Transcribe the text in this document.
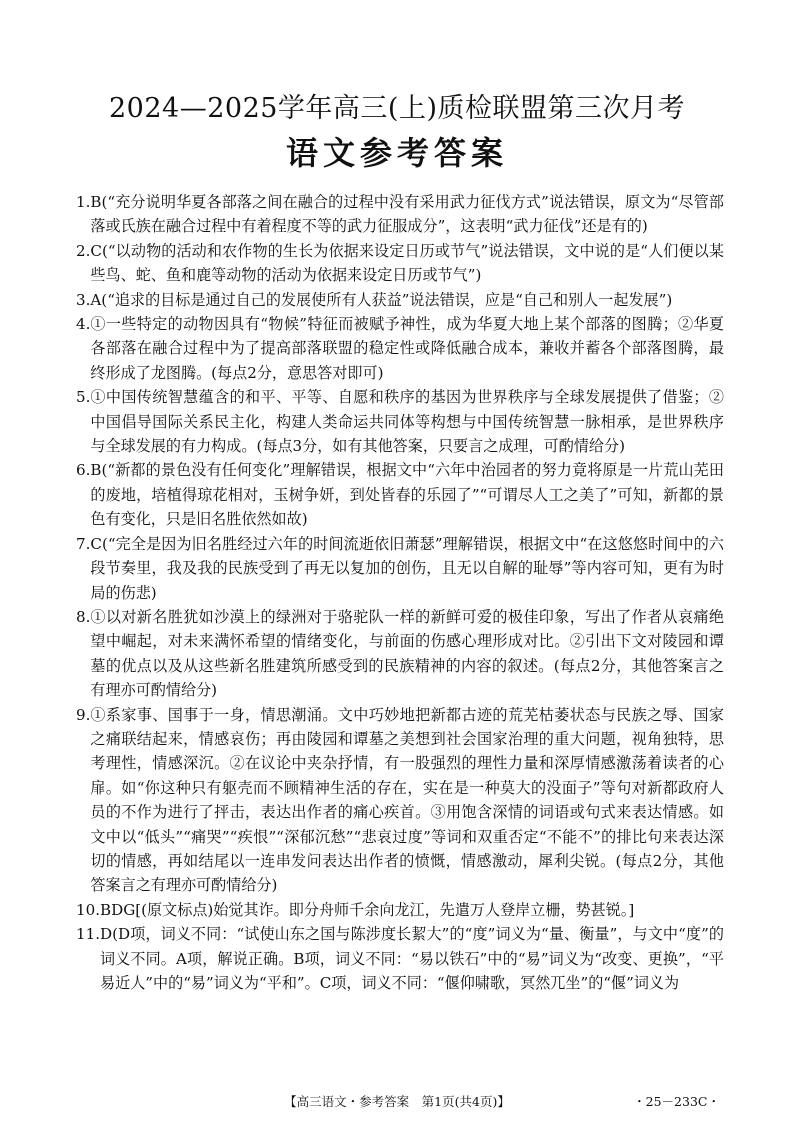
2024—2025学年高三(上)质检联盟第三次月考
语文参考答案
1. B(“充分说明华夏各部落之间在融合的过程中没有采用武力征伐方式”说法错误，原文为“尽管部落或氏族在融合过程中有着程度不等的武力征服成分”，这表明“武力征伐”还是有的)
2. C(“以动物的活动和农作物的生长为依据来设定日历或节气”说法错误，文中说的是“人们便以某些鸟、蛇、鱼和鹿等动物的活动为依据来设定日历或节气”)
3. A(“追求的目标是通过自己的发展使所有人获益”说法错误，应是“自己和别人一起发展”)
4. ①一些特定的动物因具有“物候”特征而被赋予神性，成为华夏大地上某个部落的图腾；②华夏各部落在融合过程中为了提高部落联盟的稳定性或降低融合成本，兼收并蓄各个部落图腾，最终形成了龙图腾。(每点2分，意思答对即可)
5. ①中国传统智慧蕴含的和平、平等、自愿和秩序的基因为世界秩序与全球发展提供了借鉴；②中国倡导国际关系民主化，构建人类命运共同体等构想与中国传统智慧一脉相承，是世界秩序与全球发展的有力构成。(每点3分，如有其他答案，只要言之成理，可酌情给分)
6. B(“新都的景色没有任何变化”理解错误，根据文中“六年中治园者的努力竟将原是一片荒山芜田的废地，培植得琼花相对，玉树争妍，到处皆春的乐园了”“可谓尽人工之美了”可知，新都的景色有变化，只是旧名胜依然如故)
7. C(“完全是因为旧名胜经过六年的时间流逝依旧萧瑟”理解错误，根据文中“在这悠悠时间中的六段节奏里，我及我的民族受到了再无以复加的创伤，且无以自解的耻辱”等内容可知，更有为时局的伤悲)
8. ①以对新名胜犹如沙漠上的绿洲对于骆驼队一样的新鲜可爱的极佳印象，写出了作者从哀痛绝望中崛起，对未来满怀希望的情绪变化，与前面的伤感心理形成对比。②引出下文对陵园和谭墓的优点以及从这些新名胜建筑所感受到的民族精神的内容的叙述。(每点2分，其他答案言之有理亦可酌情给分)
9. ①系家事、国事于一身，情思潮涌。文中巧妙地把新都古迹的荒芜枯萎状态与民族之辱、国家之痛联结起来，情感哀伤；再由陵园和谭墓之美想到社会国家治理的重大问题，视角独特，思考理性，情感深沉。②在议论中夹杂抒情，有一股强烈的理性力量和深厚情感激荡着读者的心扉。如“你这种只有躯壳而不顾精神生活的存在，实在是一种莫大的没面子”等句对新都政府人员的不作为进行了抨击，表达出作者的痛心疾首。③用饱含深情的词语或句式来表达情感。如文中以“低头”“痛哭”“疾恨”“深郁沉愁”“悲哀过度”等词和双重否定“不能不”的排比句来表达深切的情感，再如结尾以一连串发问表达出作者的愤慨，情感激动，犀利尖锐。(每点2分，其他答案言之有理亦可酌情给分)
10. BDG[(原文标点)始觉其诈。即分舟师千余向龙江，先遣万人登岸立栅，势甚锐。]
11. D(D项，词义不同：“试使山东之国与陈涉度长絜大”的“度”词义为“量、衡量”，与文中“度”的词义不同。A项，解说正确。B项，词义不同：“易以铁石”中的“易”词义为“改变、更换”，“平易近人”中的“易”词义为“平和”。C项，词义不同：“偃仰啸歌，冥然兀坐”的“偃”词义为
【高三语文・参考答案　第1页(共4页)】	・25－233C・
